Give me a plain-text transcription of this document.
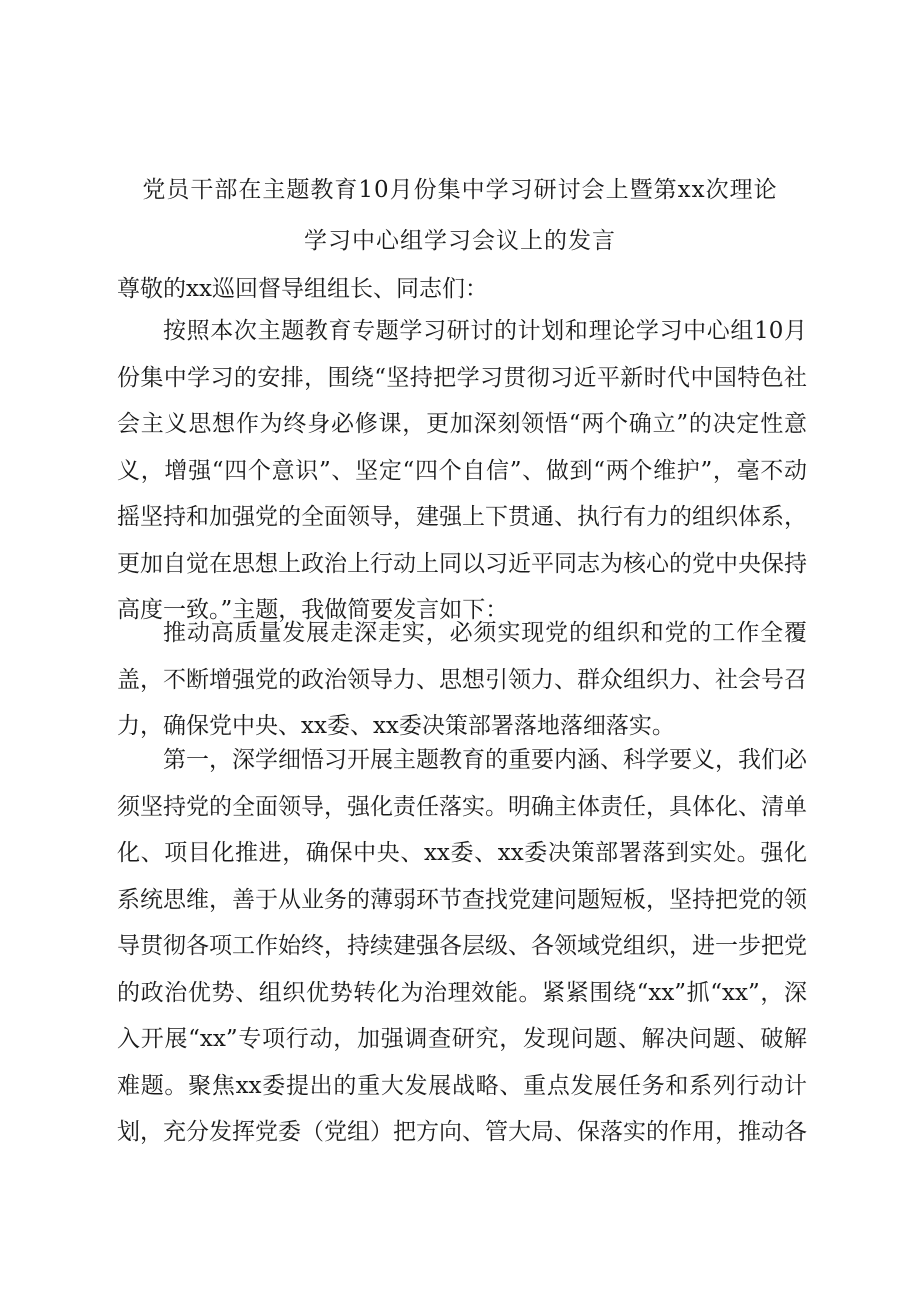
党员干部在主题教育10月份集中学习研讨会上暨第xx次理论
学习中心组学习会议上的发言
尊敬的xx巡回督导组组长、同志们：

按照本次主题教育专题学习研讨的计划和理论学习中心组10月份集中学习的安排，围绕“坚持把学习贯彻习近平新时代中国特色社会主义思想作为终身必修课，更加深刻领悟“两个确立”的决定性意义，增强“四个意识”、坚定“四个自信”、做到“两个维护”，毫不动摇坚持和加强党的全面领导，建强上下贯通、执行有力的组织体系，更加自觉在思想上政治上行动上同以习近平同志为核心的党中央保持高度一致。”主题，我做简要发言如下：

推动高质量发展走深走实，必须实现党的组织和党的工作全覆盖，不断增强党的政治领导力、思想引领力、群众组织力、社会号召力，确保党中央、xx委、xx委决策部署落地落细落实。

第一，深学细悟习开展主题教育的重要内涵、科学要义，我们必须坚持党的全面领导，强化责任落实。明确主体责任，具体化、清单化、项目化推进，确保中央、xx委、xx委决策部署落到实处。强化系统思维，善于从业务的薄弱环节查找党建问题短板，坚持把党的领导贯彻各项工作始终，持续建强各层级、各领域党组织，进一步把党的政治优势、组织优势转化为治理效能。紧紧围绕“xx”抓“xx”，深入开展“xx”专项行动，加强调查研究，发现问题、解决问题、破解难题。聚焦xx委提出的重大发展战略、重点发展任务和系列行动计划，充分发挥党委（党组）把方向、管大局、保落实的作用，推动各
